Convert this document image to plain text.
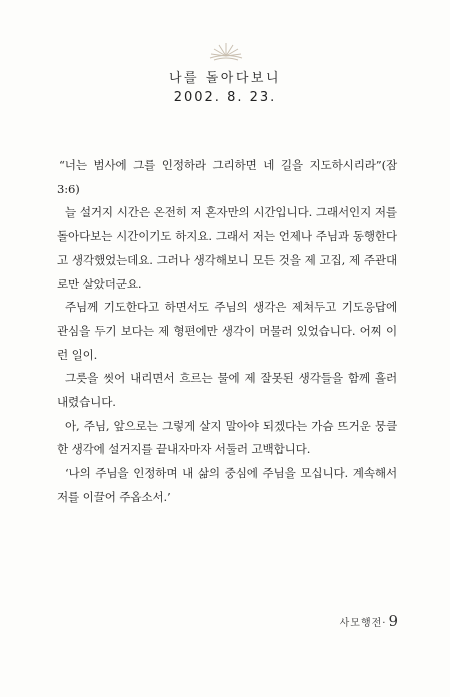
나를 돌아다보니
2002. 8. 23.

“너는 범사에 그를 인정하라 그리하면 네 길을 지도하시리라”(잠3:6)

늘 설거지 시간은 온전히 저 혼자만의 시간입니다. 그래서인지 저를 돌아다보는 시간이기도 하지요. 그래서 저는 언제나 주님과 동행한다고 생각했었는데요. 그러나 생각해보니 모든 것을 제 고집, 제 주관대로만 살았더군요.

주님께 기도한다고 하면서도 주님의 생각은 제쳐두고 기도응답에 관심을 두기 보다는 제 형편에만 생각이 머물러 있었습니다. 어찌 이런 일이.

그릇을 씻어 내리면서 흐르는 물에 제 잘못된 생각들을 함께 흘러 내렸습니다.

아, 주님, 앞으로는 그렇게 살지 말아야 되겠다는 가슴 뜨거운 뭉클한 생각에 설거지를 끝내자마자 서둘러 고백합니다.

‘나의 주님을 인정하며 내 삶의 중심에 주님을 모십니다. 계속해서 저를 이끌어 주옵소서.’

사모행전· 9
